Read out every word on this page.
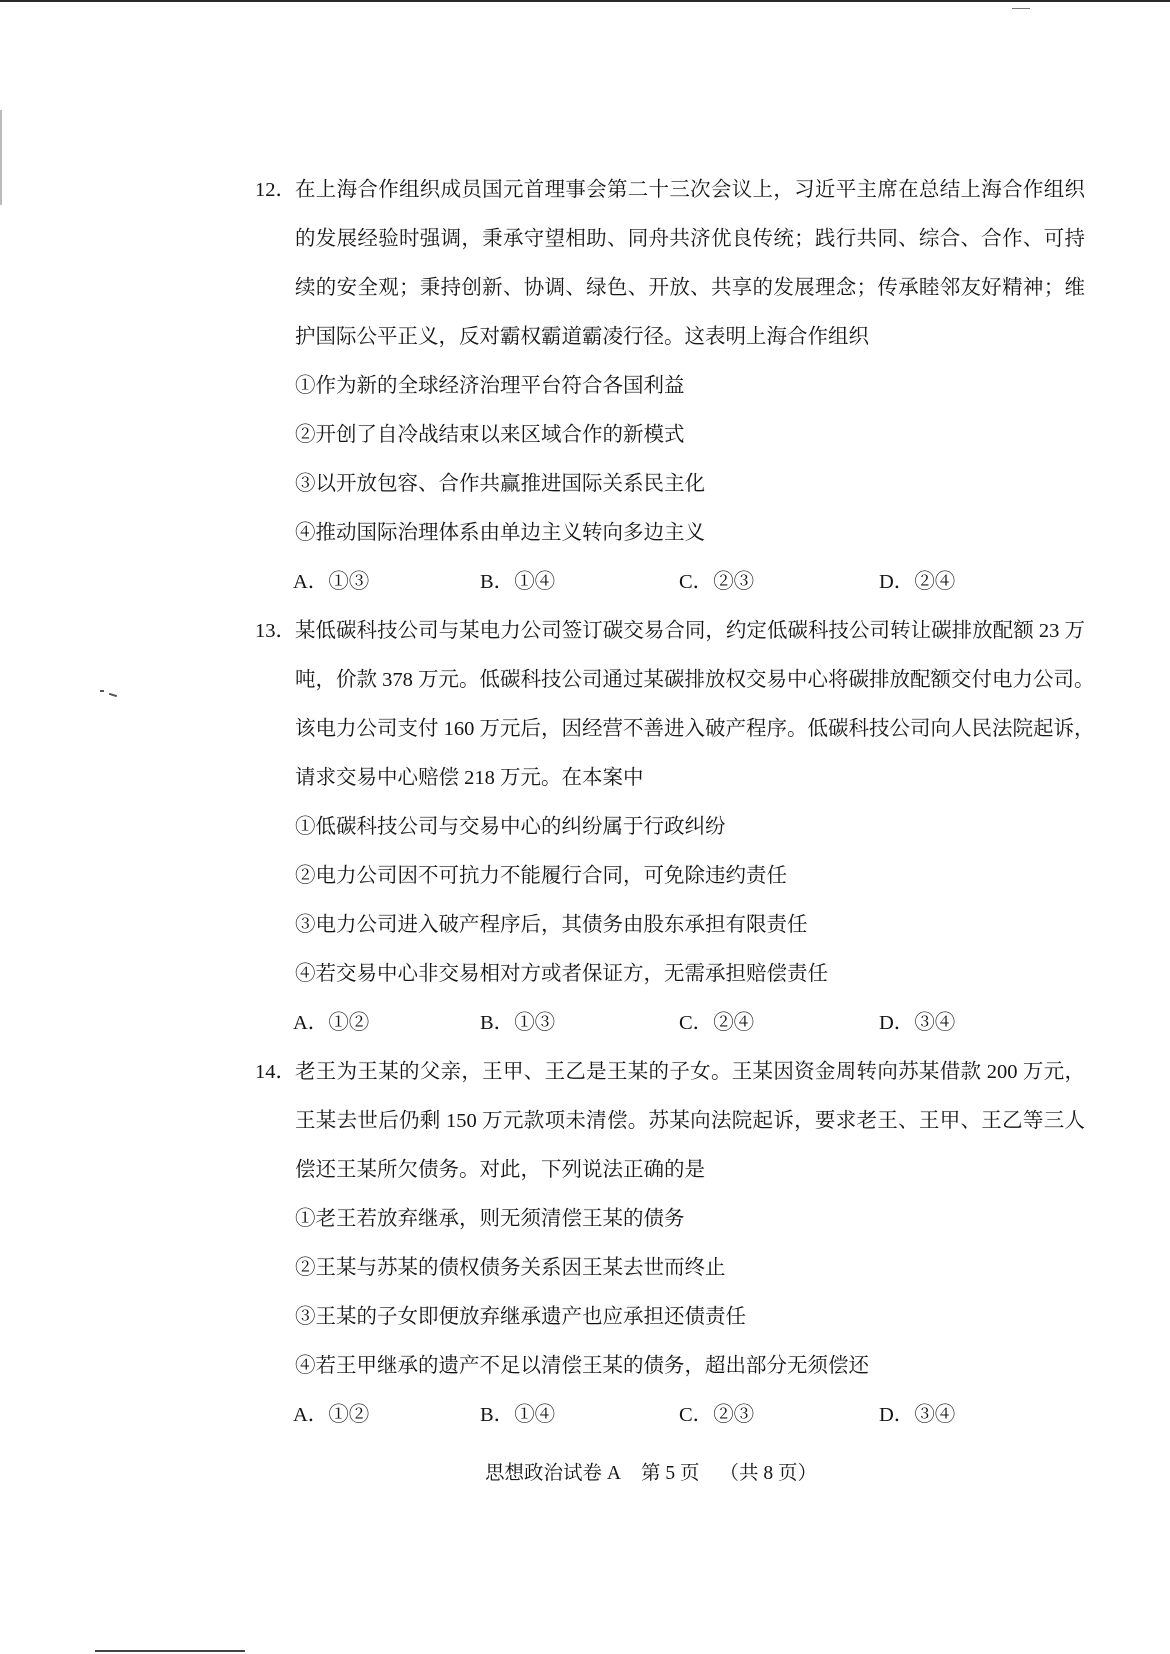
12． 在上海合作组织成员国元首理事会第二十三次会议上，习近平主席在总结上海合作组织
的发展经验时强调，秉承守望相助、同舟共济优良传统；践行共同、综合、合作、可持
续的安全观；秉持创新、协调、绿色、开放、共享的发展理念；传承睦邻友好精神；维
护国际公平正义，反对霸权霸道霸凌行径。这表明上海合作组织
①作为新的全球经济治理平台符合各国利益
②开创了自冷战结束以来区域合作的新模式
③以开放包容、合作共赢推进国际关系民主化
④推动国际治理体系由单边主义转向多边主义
A．①③	B．①④	C．②③	D．②④
13． 某低碳科技公司与某电力公司签订碳交易合同，约定低碳科技公司转让碳排放配额 23 万
吨，价款 378 万元。低碳科技公司通过某碳排放权交易中心将碳排放配额交付电力公司。
该电力公司支付 160 万元后，因经营不善进入破产程序。低碳科技公司向人民法院起诉，
请求交易中心赔偿 218 万元。在本案中
①低碳科技公司与交易中心的纠纷属于行政纠纷
②电力公司因不可抗力不能履行合同，可免除违约责任
③电力公司进入破产程序后，其债务由股东承担有限责任
④若交易中心非交易相对方或者保证方，无需承担赔偿责任
A．①②	B．①③	C．②④	D．③④
14． 老王为王某的父亲，王甲、王乙是王某的子女。王某因资金周转向苏某借款 200 万元，
王某去世后仍剩 150 万元款项未清偿。苏某向法院起诉，要求老王、王甲、王乙等三人
偿还王某所欠债务。对此，下列说法正确的是
①老王若放弃继承，则无须清偿王某的债务
②王某与苏某的债权债务关系因王某去世而终止
③王某的子女即便放弃继承遗产也应承担还债责任
④若王甲继承的遗产不足以清偿王某的债务，超出部分无须偿还
A．①②	B．①④	C．②③	D．③④
思想政治试卷 A 第 5 页 （共 8 页）
